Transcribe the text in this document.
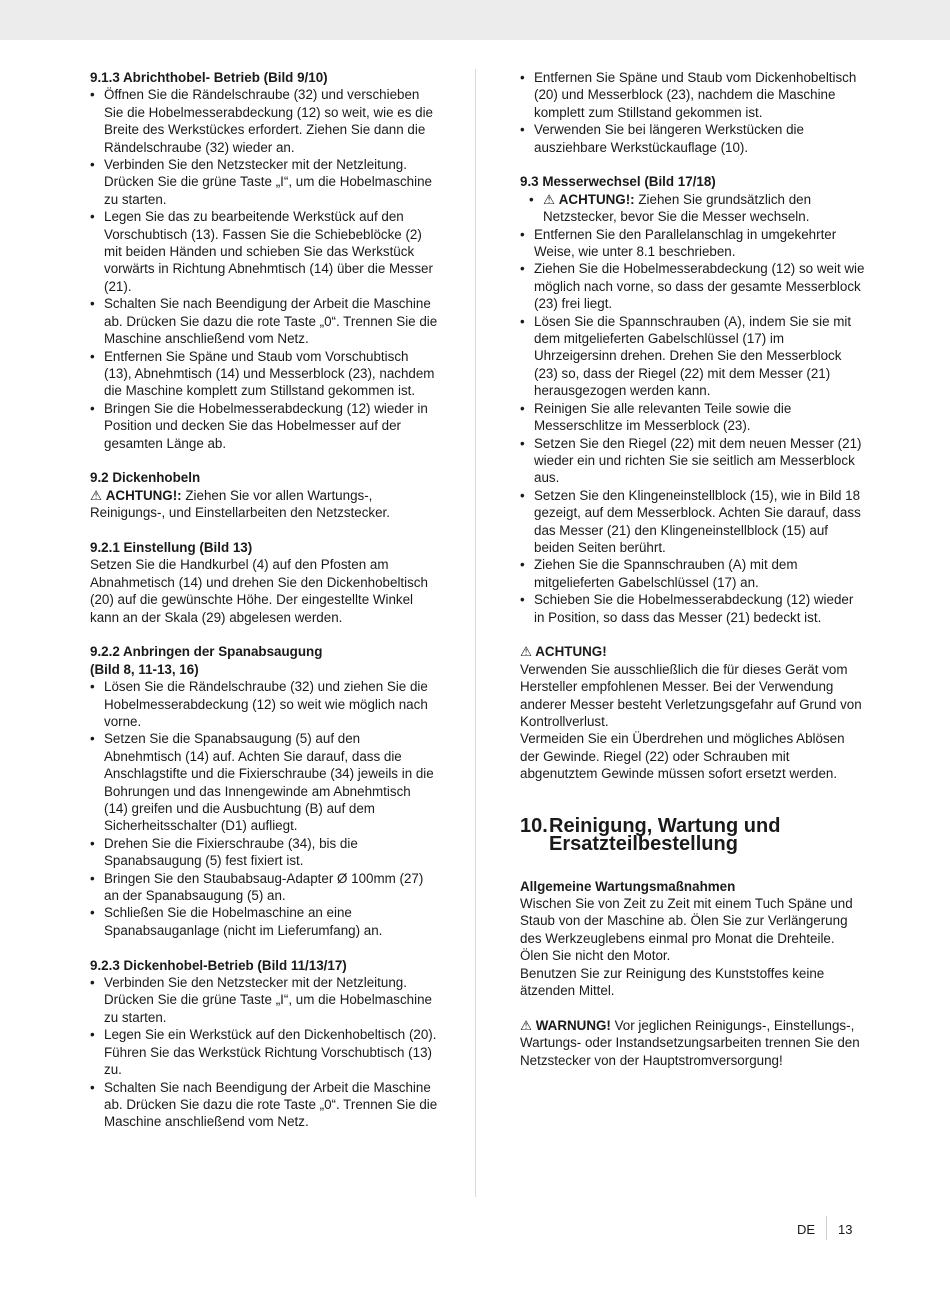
9.1.3 Abrichthobel- Betrieb (Bild 9/10)

• Öffnen Sie die Rändelschraube (32) und verschieben Sie die Hobelmesserabdeckung (12) so weit, wie es die Breite des Werkstückes erfordert. Ziehen Sie dann die Rändelschraube (32) wieder an.
• Verbinden Sie den Netzstecker mit der Netzleitung. Drücken Sie die grüne Taste „I“, um die Hobelmaschine zu starten.
• Legen Sie das zu bearbeitende Werkstück auf den Vorschubtisch (13). Fassen Sie die Schiebeblöcke (2) mit beiden Händen und schieben Sie das Werkstück vorwärts in Richtung Abnehmtisch (14) über die Messer (21).
• Schalten Sie nach Beendigung der Arbeit die Maschine ab. Drücken Sie dazu die rote Taste „0“. Trennen Sie die Maschine anschließend vom Netz.
• Entfernen Sie Späne und Staub vom Vorschubtisch (13), Abnehmtisch (14) und Messerblock (23), nachdem die Maschine komplett zum Stillstand gekommen ist.
• Bringen Sie die Hobelmesserabdeckung (12) wieder in Position und decken Sie das Hobelmesser auf der gesamten Länge ab.

9.2 Dickenhobeln

⚠ ACHTUNG!: Ziehen Sie vor allen Wartungs-, Reinigungs-, und Einstellarbeiten den Netzstecker.

9.2.1 Einstellung (Bild 13)

Setzen Sie die Handkurbel (4) auf den Pfosten am Abnahmetisch (14) und drehen Sie den Dickenhobeltisch (20) auf die gewünschte Höhe. Der eingestellte Winkel kann an der Skala (29) abgelesen werden.

9.2.2 Anbringen der Spanabsaugung

(Bild 8, 11-13, 16)

• Lösen Sie die Rändelschraube (32) und ziehen Sie die Hobelmesserabdeckung (12) so weit wie möglich nach vorne.
• Setzen Sie die Spanabsaugung (5) auf den Abnehmtisch (14) auf. Achten Sie darauf, dass die Anschlagstifte und die Fixierschraube (34) jeweils in die Bohrungen und das Innengewinde am Abnehmtisch (14) greifen und die Ausbuchtung (B) auf dem Sicherheitsschalter (D1) aufliegt.
• Drehen Sie die Fixierschraube (34), bis die Spanabsaugung (5) fest fixiert ist.
• Bringen Sie den Staubabsaug-Adapter Ø 100mm (27) an der Spanabsaugung (5) an.
• Schließen Sie die Hobelmaschine an eine Spanabsauganlage (nicht im Lieferumfang) an.

9.2.3 Dickenhobel-Betrieb (Bild 11/13/17)

• Verbinden Sie den Netzstecker mit der Netzleitung. Drücken Sie die grüne Taste „I“, um die Hobelmaschine zu starten.
• Legen Sie ein Werkstück auf den Dickenhobeltisch (20). Führen Sie das Werkstück Richtung Vorschubtisch (13) zu.
• Schalten Sie nach Beendigung der Arbeit die Maschine ab. Drücken Sie dazu die rote Taste „0“. Trennen Sie die Maschine anschließend vom Netz.
• Entfernen Sie Späne und Staub vom Dickenhobeltisch (20) und Messerblock (23), nachdem die Maschine komplett zum Stillstand gekommen ist.
• Verwenden Sie bei längeren Werkstücken die ausziehbare Werkstückauflage (10).

9.3 Messerwechsel (Bild 17/18)

• ⚠ ACHTUNG!: Ziehen Sie grundsätzlich den Netzstecker, bevor Sie die Messer wechseln.
• Entfernen Sie den Parallelanschlag in umgekehrter Weise, wie unter 8.1 beschrieben.
• Ziehen Sie die Hobelmesserabdeckung (12) so weit wie möglich nach vorne, so dass der gesamte Messerblock (23) frei liegt.
• Lösen Sie die Spannschrauben (A), indem Sie sie mit dem mitgelieferten Gabelschlüssel (17) im Uhrzeigersinn drehen. Drehen Sie den Messerblock (23) so, dass der Riegel (22) mit dem Messer (21) herausgezogen werden kann.
• Reinigen Sie alle relevanten Teile sowie die Messerschlitze im Messerblock (23).
• Setzen Sie den Riegel (22) mit dem neuen Messer (21) wieder ein und richten Sie sie seitlich am Messerblock aus.
• Setzen Sie den Klingeneinstellblock (15), wie in Bild 18 gezeigt, auf dem Messerblock. Achten Sie darauf, dass das Messer (21) den Klingeneinstellblock (15) auf beiden Seiten berührt.
• Ziehen Sie die Spannschrauben (A) mit dem mitgelieferten Gabelschlüssel (17) an.
• Schieben Sie die Hobelmesserabdeckung (12) wieder in Position, so dass das Messer (21) bedeckt ist.

⚠ ACHTUNG!

Verwenden Sie ausschließlich die für dieses Gerät vom Hersteller empfohlenen Messer. Bei der Verwendung anderer Messer besteht Verletzungsgefahr auf Grund von Kontrollverlust.

Vermeiden Sie ein Überdrehen und mögliches Ablösen der Gewinde. Riegel (22) oder Schrauben mit abgenutztem Gewinde müssen sofort ersetzt werden.

10. Reinigung, Wartung und Ersatzteilbestellung

Allgemeine Wartungsmaßnahmen

Wischen Sie von Zeit zu Zeit mit einem Tuch Späne und Staub von der Maschine ab. Ölen Sie zur Verlängerung des Werkzeuglebens einmal pro Monat die Drehteile. Ölen Sie nicht den Motor.

Benutzen Sie zur Reinigung des Kunststoffes keine ätzenden Mittel.

⚠ WARNUNG! Vor jeglichen Reinigungs-, Einstellungs-, Wartungs- oder Instandsetzungsarbeiten trennen Sie den Netzstecker von der Hauptstromversorgung!

DE 13
